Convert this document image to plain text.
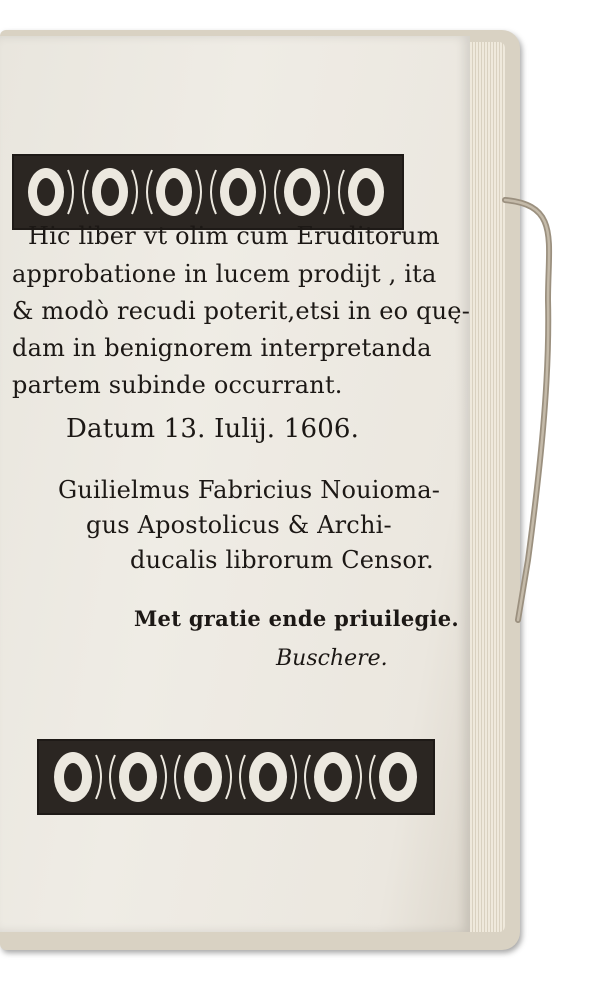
Hic liber vt olim cum Eruditorum
approbatione in lucem prodijt , ita
& modò recudi poterit,etsi in eo quę-
dam in benignorem interpretanda
partem subinde occurrant.
Datum 13. Iulij. 1606.
Guilielmus Fabricius Nouioma-
gus Apostolicus & Archi-
ducalis librorum Censor.
Met gratie ende priuilegie.
Buschere.
